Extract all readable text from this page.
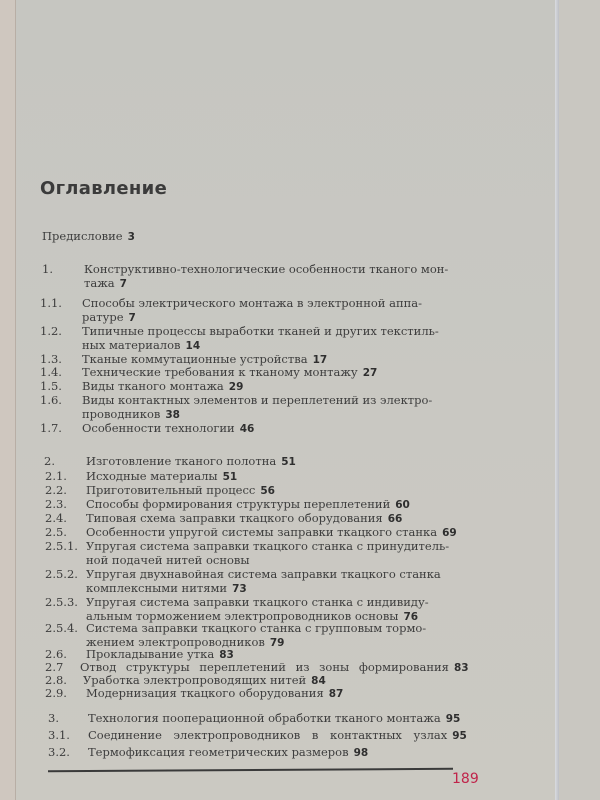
Оглавление
Предисловие 3
1.	Конструктивно-технологические особенности тканого мон-
тажа 7
1.1. Способы электрического монтажа в электронной аппа-
ратуре 7
1.2. Типичные процессы выработки тканей и других текстиль-
ных материалов 14
1.3. Тканые коммутационные устройства 17
1.4. Технические требования к тканому монтажу 27
1.5. Виды тканого монтажа 29
1.6. Виды контактных элементов и переплетений из электро-
проводников 38
1.7. Особенности технологии 46
2.	Изготовление тканого полотна 51
2.1. Исходные материалы 51
2.2. Приготовительный процесс 56
2.3. Способы формирования структуры переплетений 60
2.4. Типовая схема заправки ткацкого оборудования 66
2.5. Особенности упругой системы заправки ткацкого станка 69
2.5.1. Упругая система заправки ткацкого станка с принудитель-
ной подачей нитей основы
2.5.2. Упругая двухнавойная система заправки ткацкого станка
комплексными нитями 73
2.5.3. Упругая система заправки ткацкого станка с индивиду-
альным торможением электропроводников основы 76
2.5.4. Система заправки ткацкого станка с групповым тормо-
жением электропроводников 79
2.6. Прокладывание утка 83
2.7 Отвод структуры переплетений из зоны формирования 83
2.8. Уработка электропроводящих нитей 84
2.9. Модернизация ткацкого оборудования 87
3.	Технология пооперационной обработки тканого монтажа 95
3.1. Соединение электропроводников в контактных узлах 95
3.2. Термофиксация геометрических размеров 98
189
